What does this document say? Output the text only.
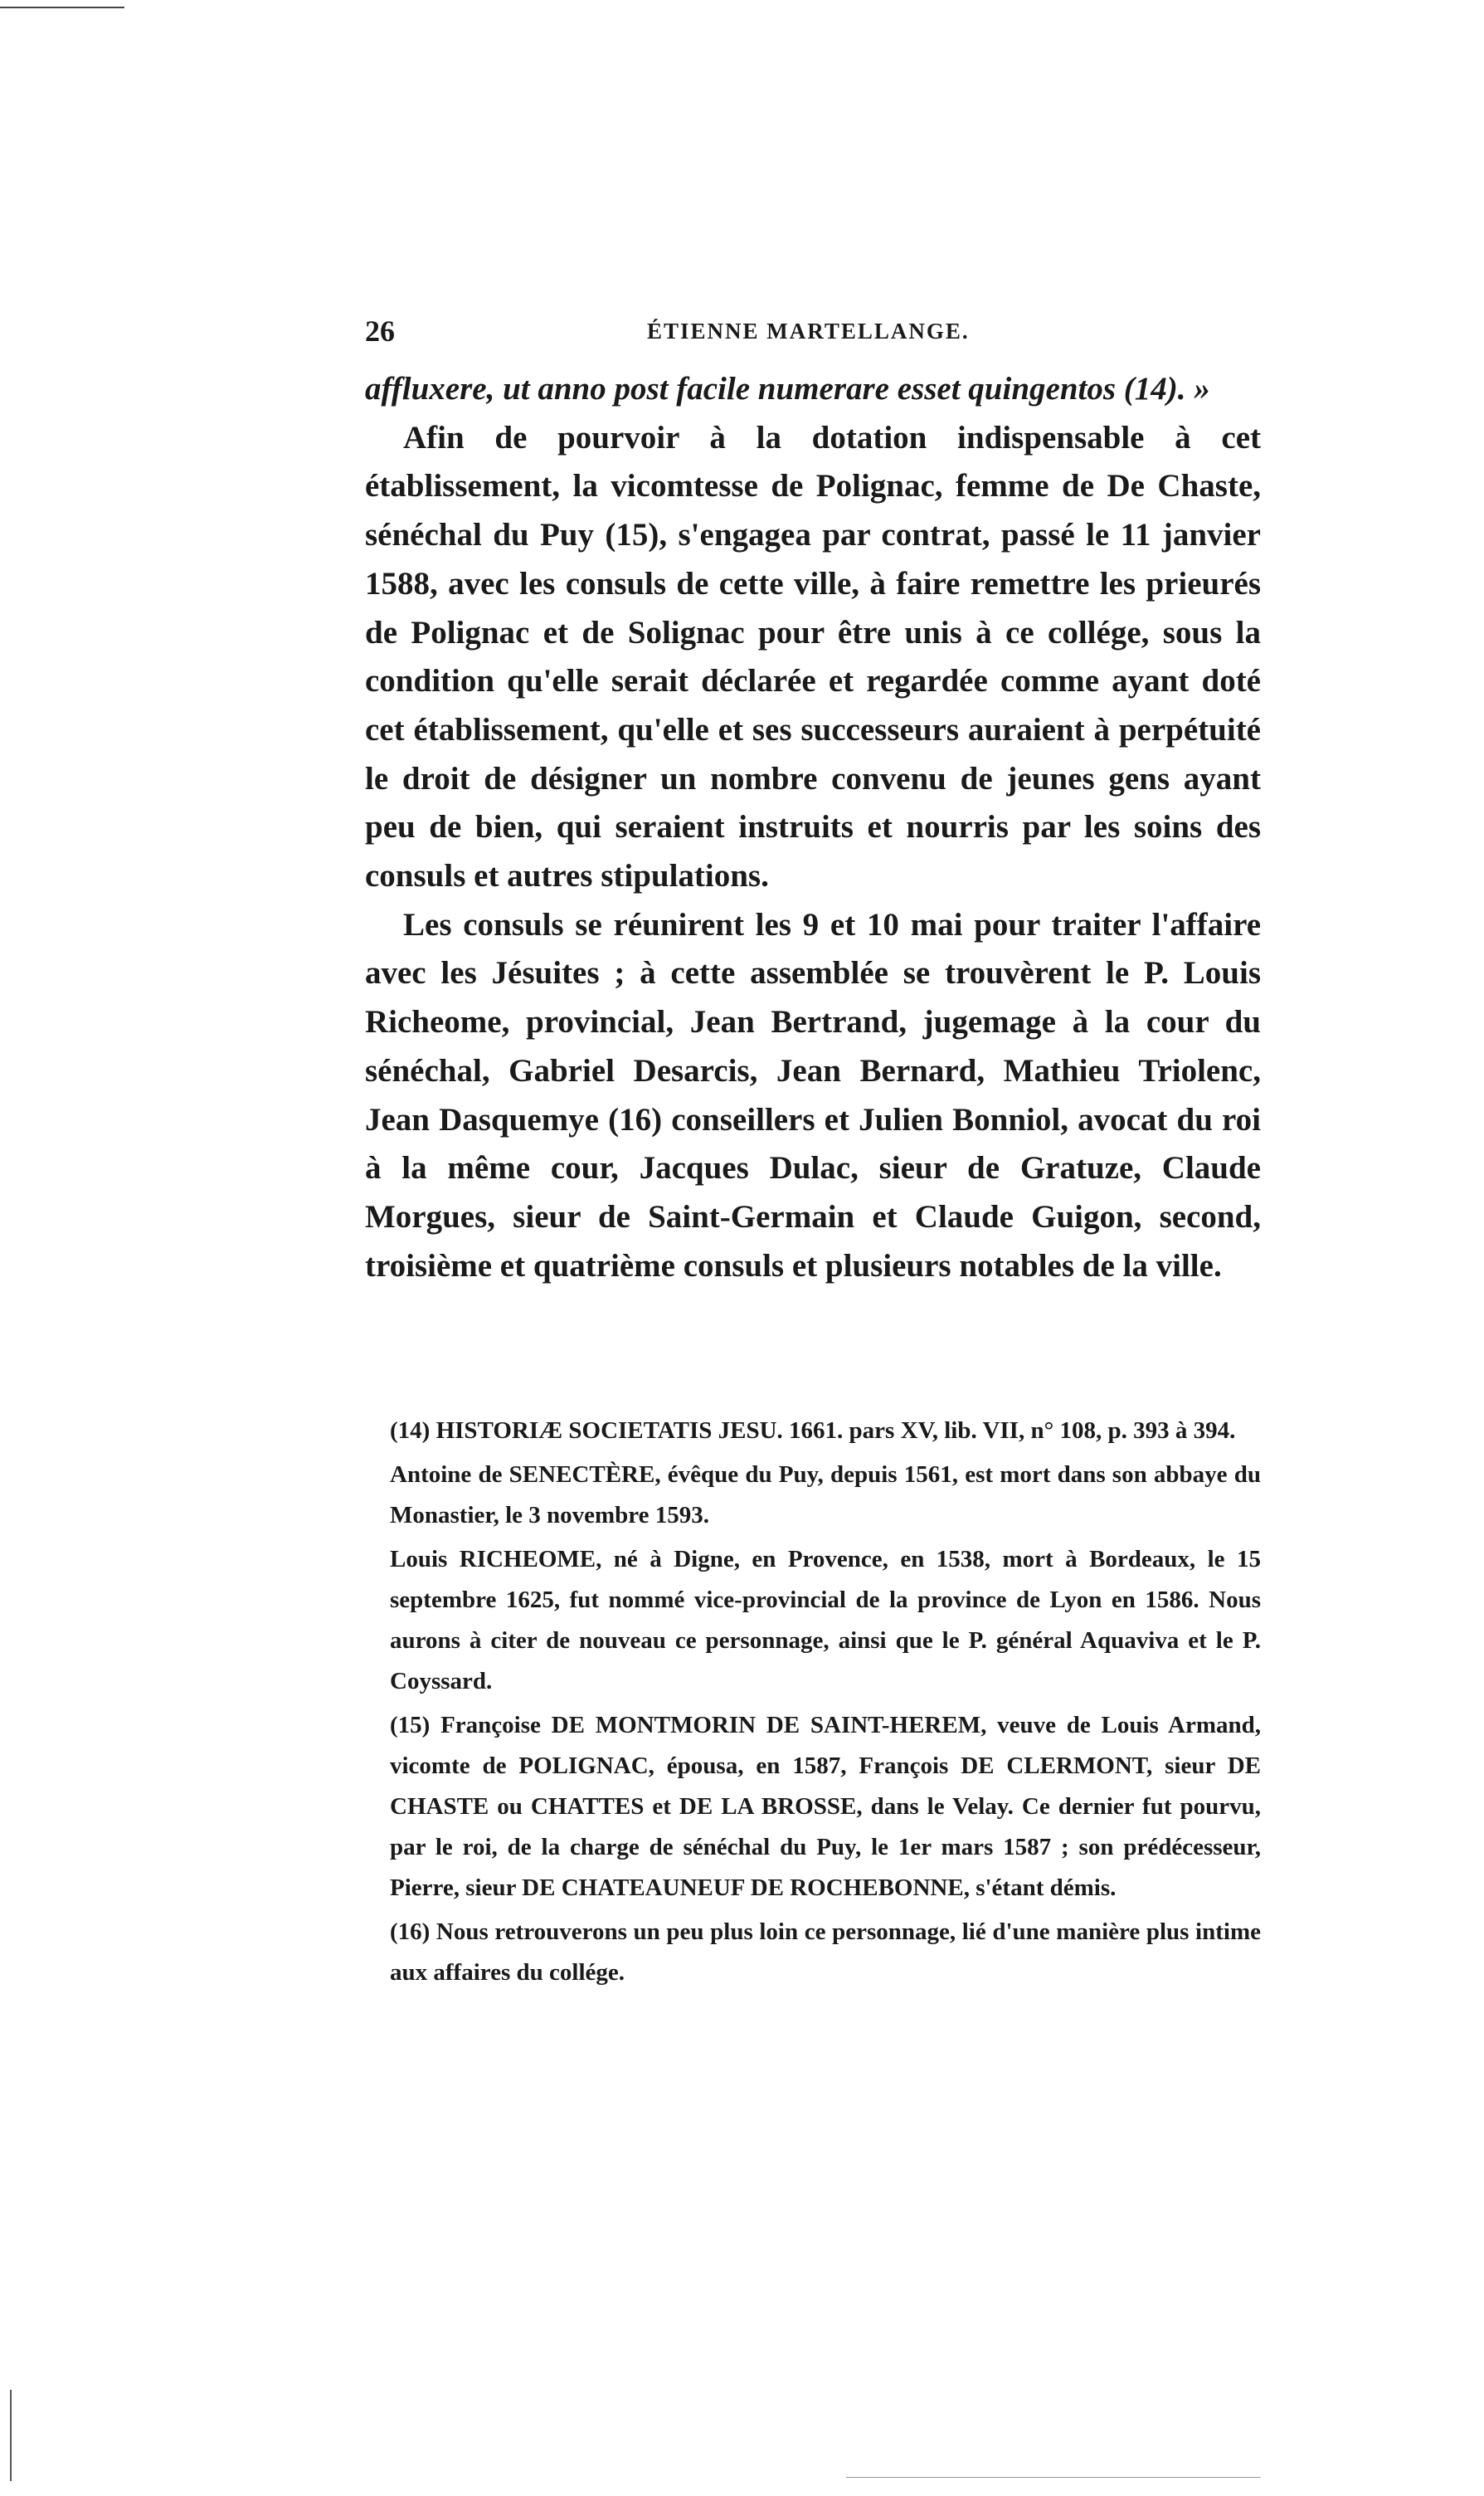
26	ÉTIENNE MARTELLANGE.

affluxere, ut anno post facile numerare esset quingentos (14). »

Afin de pourvoir à la dotation indispensable à cet établissement, la vicomtesse de Polignac, femme de De Chaste, sénéchal du Puy (15), s'engagea par contrat, passé le 11 janvier 1588, avec les consuls de cette ville, à faire remettre les prieurés de Polignac et de Solignac pour être unis à ce collége, sous la condition qu'elle serait déclarée et regardée comme ayant doté cet établissement, qu'elle et ses successeurs auraient à perpétuité le droit de désigner un nombre convenu de jeunes gens ayant peu de bien, qui seraient instruits et nourris par les soins des consuls et autres stipulations.

Les consuls se réunirent les 9 et 10 mai pour traiter l'affaire avec les Jésuites ; à cette assemblée se trouvèrent le P. Louis Richeome, provincial, Jean Bertrand, jugemage à la cour du sénéchal, Gabriel Desarcis, Jean Bernard, Mathieu Triolenc, Jean Dasquemye (16) conseillers et Julien Bonniol, avocat du roi à la même cour, Jacques Dulac, sieur de Gratuze, Claude Morgues, sieur de Saint-Germain et Claude Guigon, second, troisième et quatrième consuls et plusieurs notables de la ville.

(14) HISTORIÆ SOCIETATIS JESU. 1661. pars XV, lib. VII, n° 108, p. 393 à 394.

Antoine de SENECTÈRE, évêque du Puy, depuis 1561, est mort dans son abbaye du Monastier, le 3 novembre 1593.

Louis RICHEOME, né à Digne, en Provence, en 1538, mort à Bordeaux, le 15 septembre 1625, fut nommé vice-provincial de la province de Lyon en 1586. Nous aurons à citer de nouveau ce personnage, ainsi que le P. général Aquaviva et le P. Coyssard.

(15) Françoise DE MONTMORIN DE SAINT-HEREM, veuve de Louis Armand, vicomte de POLIGNAC, épousa, en 1587, François DE CLERMONT, sieur DE CHASTE ou CHATTES et DE LA BROSSE, dans le Velay. Ce dernier fut pourvu, par le roi, de la charge de sénéchal du Puy, le 1er mars 1587 ; son prédécesseur, Pierre, sieur DE CHATEAUNEUF DE ROCHEBONNE, s'étant démis.

(16) Nous retrouverons un peu plus loin ce personnage, lié d'une manière plus intime aux affaires du collége.
